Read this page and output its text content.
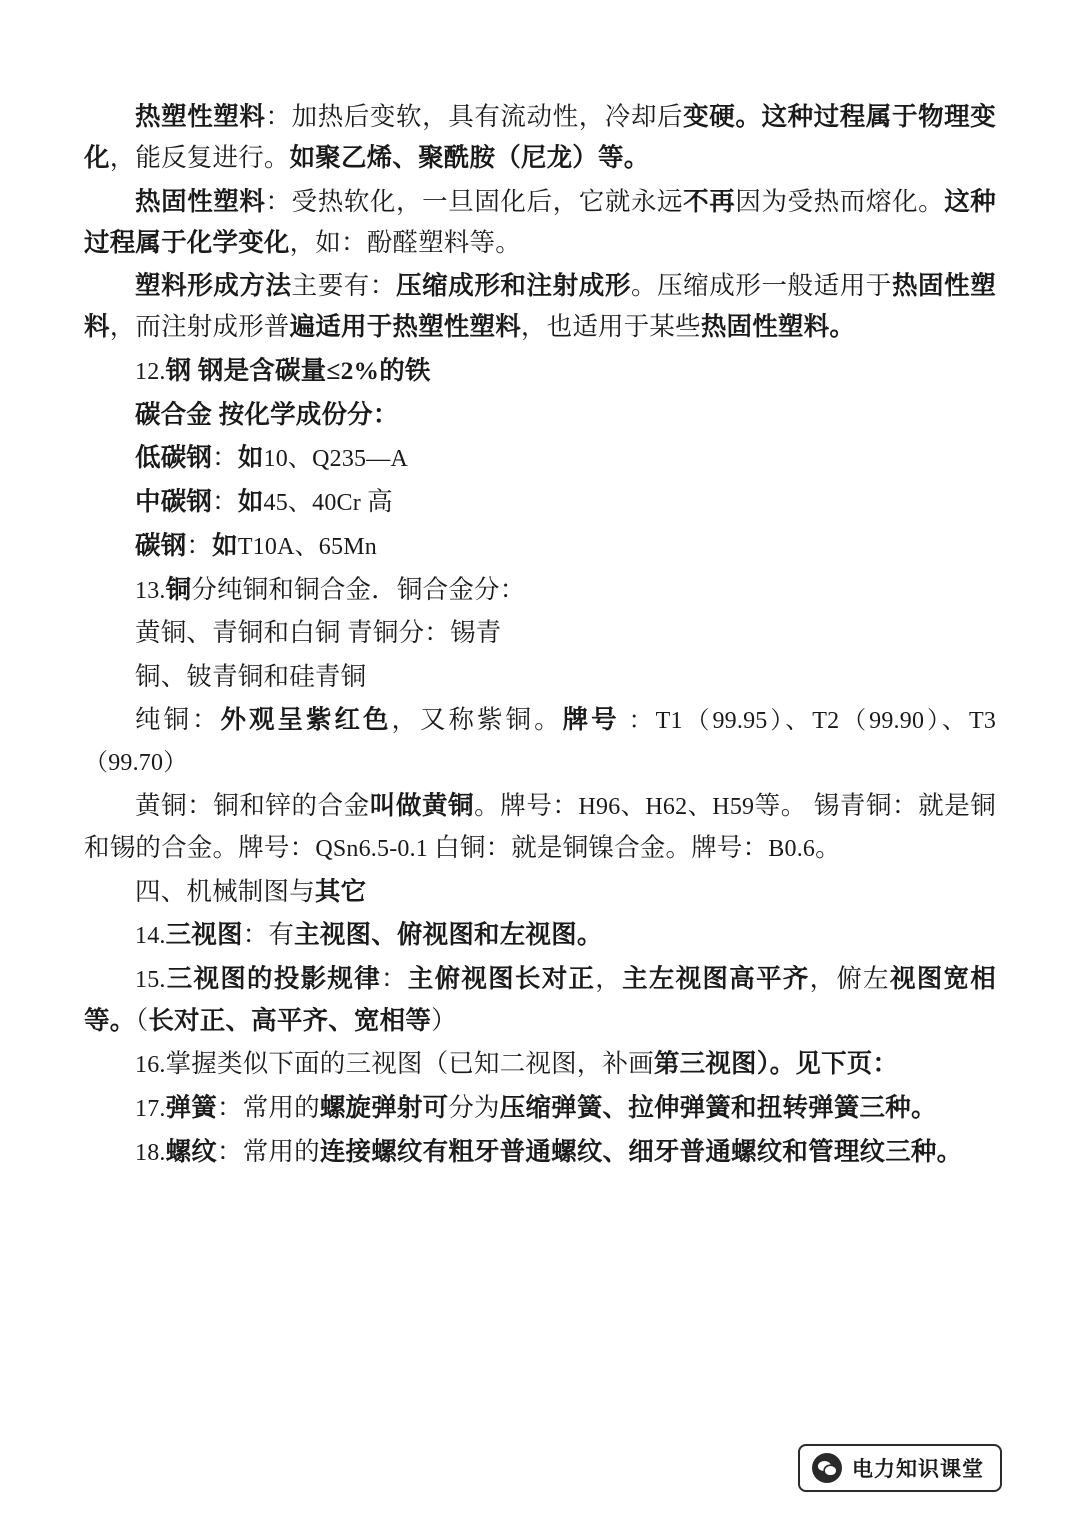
热塑性塑料：加热后变软，具有流动性，冷却后变硬。这种过程属于物理变化，能反复进行。如聚乙烯、聚酰胺（尼龙）等。
热固性塑料：受热软化，一旦固化后，它就永远不再因为受热而熔化。这种过程属于化学变化，如：酚醛塑料等。
塑料形成方法主要有：压缩成形和注射成形。压缩成形一般适用于热固性塑料，而注射成形普遍适用于热塑性塑料，也适用于某些热固性塑料。
12.钢 钢是含碳量≤2%的铁
碳合金 按化学成份分：
低碳钢：如10、Q235—A
中碳钢：如45、40Cr 高
碳钢：如T10A、65Mn
13.铜分纯铜和铜合金．铜合金分：
黄铜、青铜和白铜 青铜分：锡青
铜、铍青铜和硅青铜
纯铜：外观呈紫红色，又称紫铜。牌号 ：T1（99.95）、T2（99.90）、T3（99.70）
黄铜：铜和锌的合金叫做黄铜。牌号：H96、H62、H59等。 锡青铜：就是铜和锡的合金。牌号：QSn6.5-0.1 白铜：就是铜镍合金。牌号：B0.6。
四、机械制图与其它
14.三视图：有主视图、俯视图和左视图。
15.三视图的投影规律：主俯视图长对正，主左视图高平齐，俯左视图宽相等。（长对正、高平齐、宽相等）
16.掌握类似下面的三视图（已知二视图，补画第三视图）。见下页：
17.弹簧：常用的螺旋弹射可分为压缩弹簧、拉伸弹簧和扭转弹簧三种。
18.螺纹：常用的连接螺纹有粗牙普通螺纹、细牙普通螺纹和管理纹三种。
电力知识课堂
